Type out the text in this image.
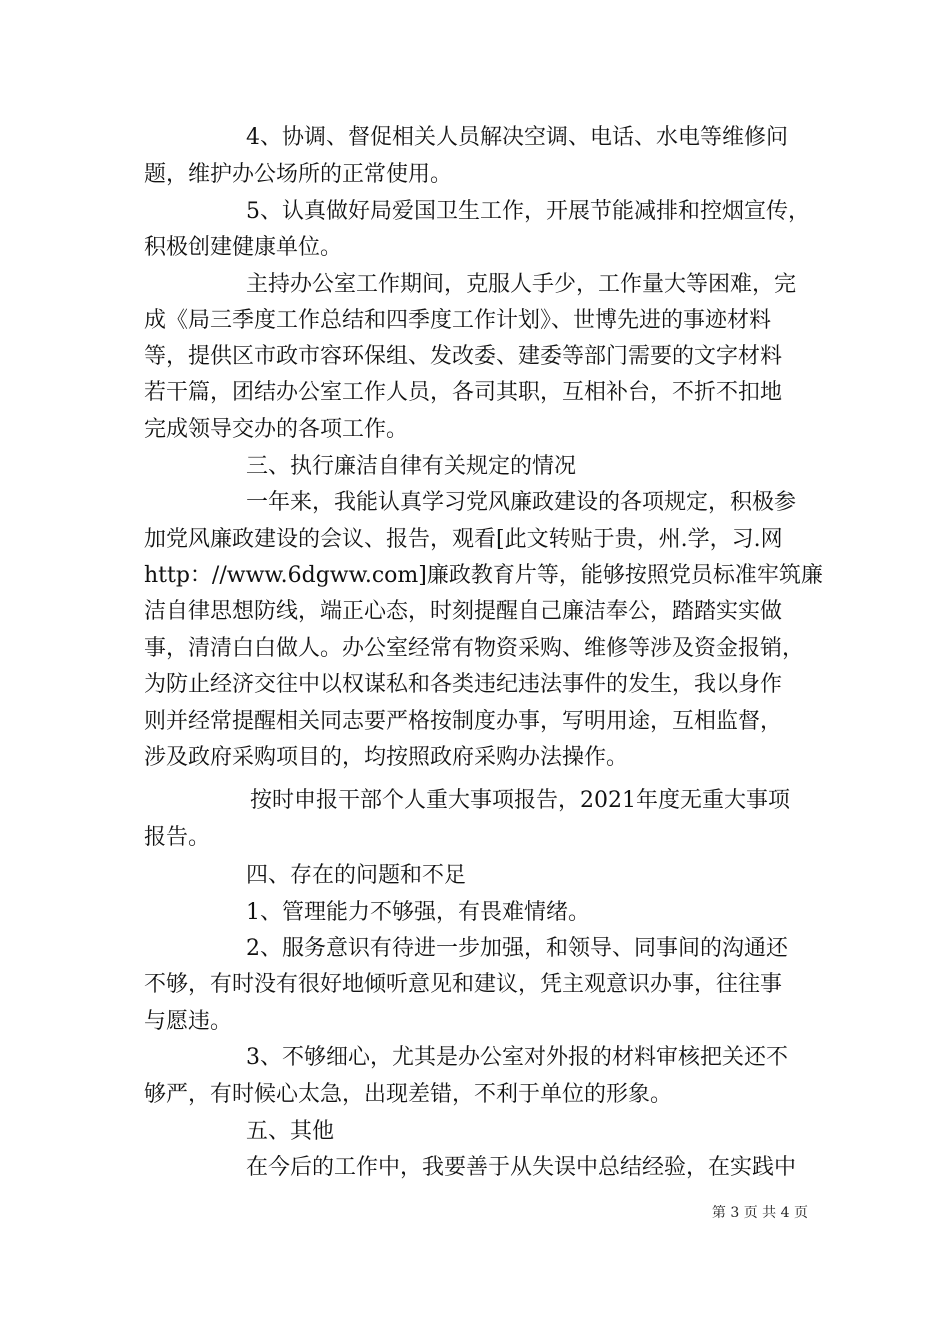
4、协调、督促相关人员解决空调、电话、水电等维修问
题，维护办公场所的正常使用。
5、认真做好局爱国卫生工作，开展节能减排和控烟宣传，
积极创建健康单位。
主持办公室工作期间，克服人手少，工作量大等困难，完
成《局三季度工作总结和四季度工作计划》、世博先进的事迹材料
等，提供区市政市容环保组、发改委、建委等部门需要的文字材料
若干篇，团结办公室工作人员，各司其职，互相补台，不折不扣地
完成领导交办的各项工作。
三、执行廉洁自律有关规定的情况
一年来，我能认真学习党风廉政建设的各项规定，积极参
加党风廉政建设的会议、报告，观看[此文转贴于贵，州.学，习.网
http：//www.6dgww.com]廉政教育片等，能够按照党员标准牢筑廉
洁自律思想防线，端正心态，时刻提醒自己廉洁奉公，踏踏实实做
事，清清白白做人。办公室经常有物资采购、维修等涉及资金报销，
为防止经济交往中以权谋私和各类违纪违法事件的发生，我以身作
则并经常提醒相关同志要严格按制度办事，写明用途，互相监督，
涉及政府采购项目的，均按照政府采购办法操作。
按时申报干部个人重大事项报告，2021年度无重大事项
报告。
四、存在的问题和不足
1、管理能力不够强，有畏难情绪。
2、服务意识有待进一步加强，和领导、同事间的沟通还
不够，有时没有很好地倾听意见和建议，凭主观意识办事，往往事
与愿违。
3、不够细心，尤其是办公室对外报的材料审核把关还不
够严，有时候心太急，出现差错，不利于单位的形象。
五、其他
在今后的工作中，我要善于从失误中总结经验，在实践中
第 3 页 共 4 页
